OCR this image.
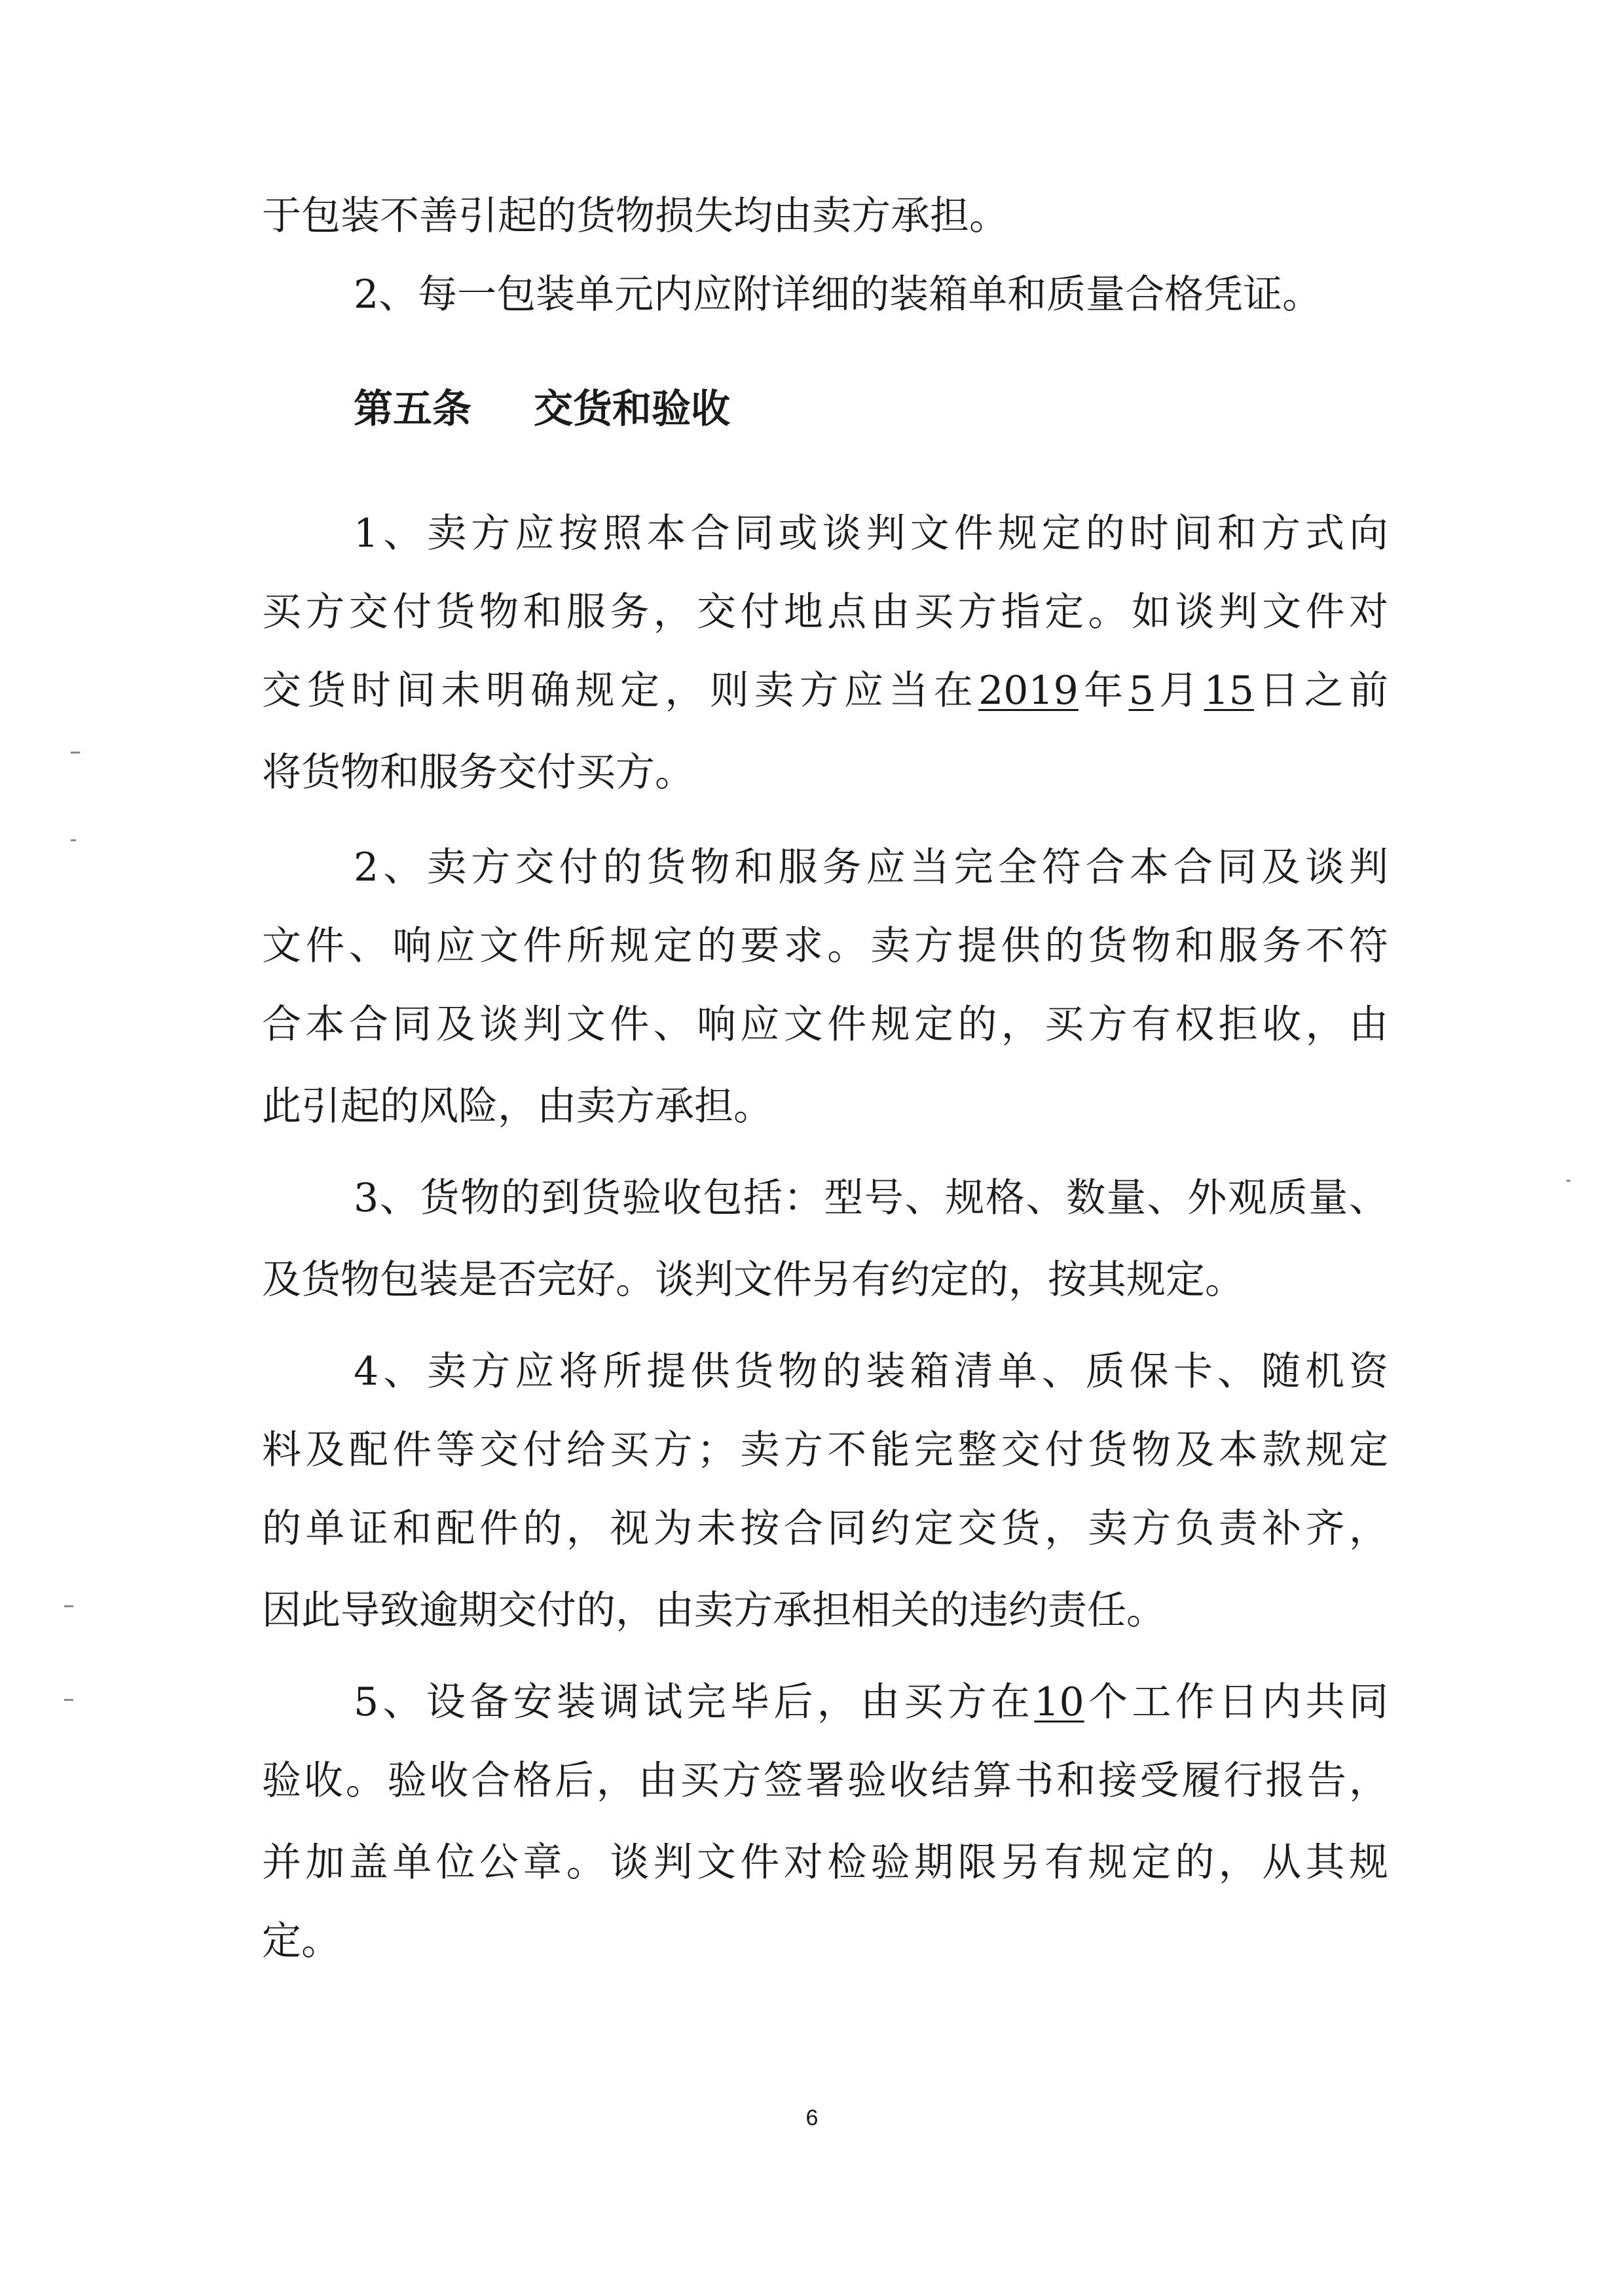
于包装不善引起的货物损失均由卖方承担。
2、每一包装单元内应附详细的装箱单和质量合格凭证。
第五条 交货和验收
1、卖方应按照本合同或谈判文件规定的时间和方式向
买方交付货物和服务，交付地点由买方指定。如谈判文件对
交货时间未明确规定，则卖方应当在2019年5月15日之前
将货物和服务交付买方。
2、卖方交付的货物和服务应当完全符合本合同及谈判
文件、响应文件所规定的要求。卖方提供的货物和服务不符
合本合同及谈判文件、响应文件规定的，买方有权拒收，由
此引起的风险，由卖方承担。
3、货物的到货验收包括：型号、规格、数量、外观质量、
及货物包装是否完好。谈判文件另有约定的，按其规定。
4、卖方应将所提供货物的装箱清单、质保卡、随机资
料及配件等交付给买方；卖方不能完整交付货物及本款规定
的单证和配件的，视为未按合同约定交货，卖方负责补齐，
因此导致逾期交付的，由卖方承担相关的违约责任。
5、设备安装调试完毕后，由买方在10个工作日内共同
验收。验收合格后，由买方签署验收结算书和接受履行报告，
并加盖单位公章。谈判文件对检验期限另有规定的，从其规
定。
6
